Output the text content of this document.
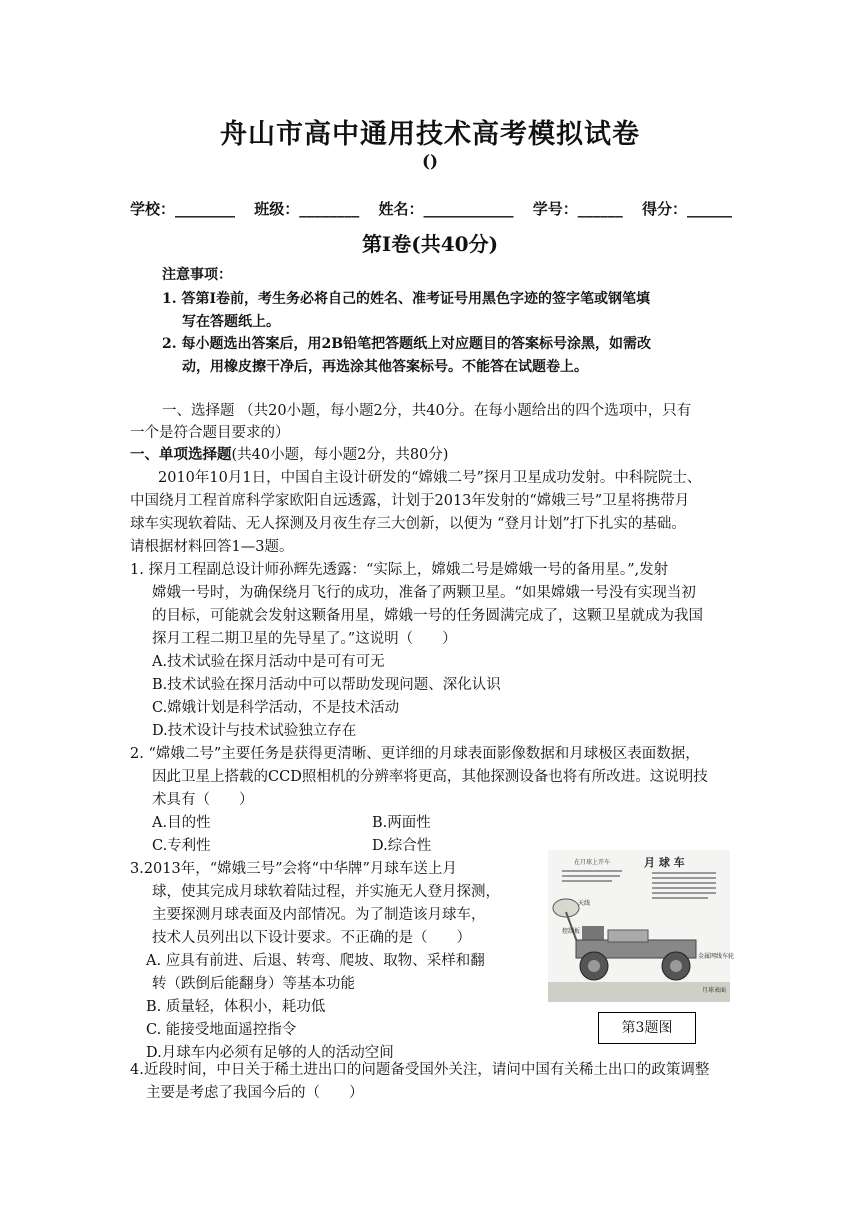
舟山市高中通用技术高考模拟试卷
()
学校：________ 班级：________ 姓名：____________ 学号：______ 得分：______
第Ⅰ卷(共40分)
注意事项：
1. 答第Ⅰ卷前，考生务必将自己的姓名、准考证号用黑色字迹的签字笔或钢笔填
写在答题纸上。
2. 每小题选出答案后，用2B铅笔把答题纸上对应题目的答案标号涂黑，如需改
动，用橡皮擦干净后，再选涂其他答案标号。不能答在试题卷上。
一、选择题 （共20小题，每小题2分，共40分。在每小题给出的四个选项中，只有
一个是符合题目要求的）
一、单项选择题(共40小题，每小题2分，共80分)
2010年10月1日，中国自主设计研发的“嫦娥二号”探月卫星成功发射。中科院院士、
中国绕月工程首席科学家欧阳自远透露，计划于2013年发射的“嫦娥三号”卫星将携带月
球车实现软着陆、无人探测及月夜生存三大创新，以便为 “登月计划”打下扎实的基础。
请根据材料回答1—3题。
1. 探月工程副总设计师孙辉先透露：“实际上，嫦娥二号是嫦娥一号的备用星。”,发射
嫦娥一号时，为确保绕月飞行的成功，准备了两颗卫星。“如果嫦娥一号没有实现当初
的目标，可能就会发射这颗备用星，嫦娥一号的任务圆满完成了，这颗卫星就成为我国
探月工程二期卫星的先导星了。”这说明（　　）
A.技术试验在探月活动中是可有可无
B.技术试验在探月活动中可以帮助发现问题、深化认识
C.嫦娥计划是科学活动，不是技术活动
D.技术设计与技术试验独立存在
2. “嫦娥二号”主要任务是获得更清晰、更详细的月球表面影像数据和月球极区表面数据，
因此卫星上搭载的CCD照相机的分辨率将更高，其他探测设备也将有所改进。这说明技
术具有（　　）
A.目的性	B.两面性
C.专利性	D.综合性
3.2013年，“嫦娥三号”会将“中华牌”月球车送上月
球，使其完成月球软着陆过程，并实施无人登月探测，
主要探测月球表面及内部情况。为了制造该月球车，
技术人员列出以下设计要求。不正确的是（　　）
A. 应具有前进、后退、转弯、爬坡、取物、采样和翻
转（跌倒后能翻身）等基本功能
B. 质量轻，体积小，耗功低
C. 能接受地面遥控指令
D.月球车内必须有足够的人的活动空间
月 球 车
在月球上开车
天线
控制板
金属网线车轮
月球表面
第3题图
4.近段时间，中日关于稀土进出口的问题备受国外关注，请问中国有关稀土出口的政策调整
主要是考虑了我国今后的（　　）
